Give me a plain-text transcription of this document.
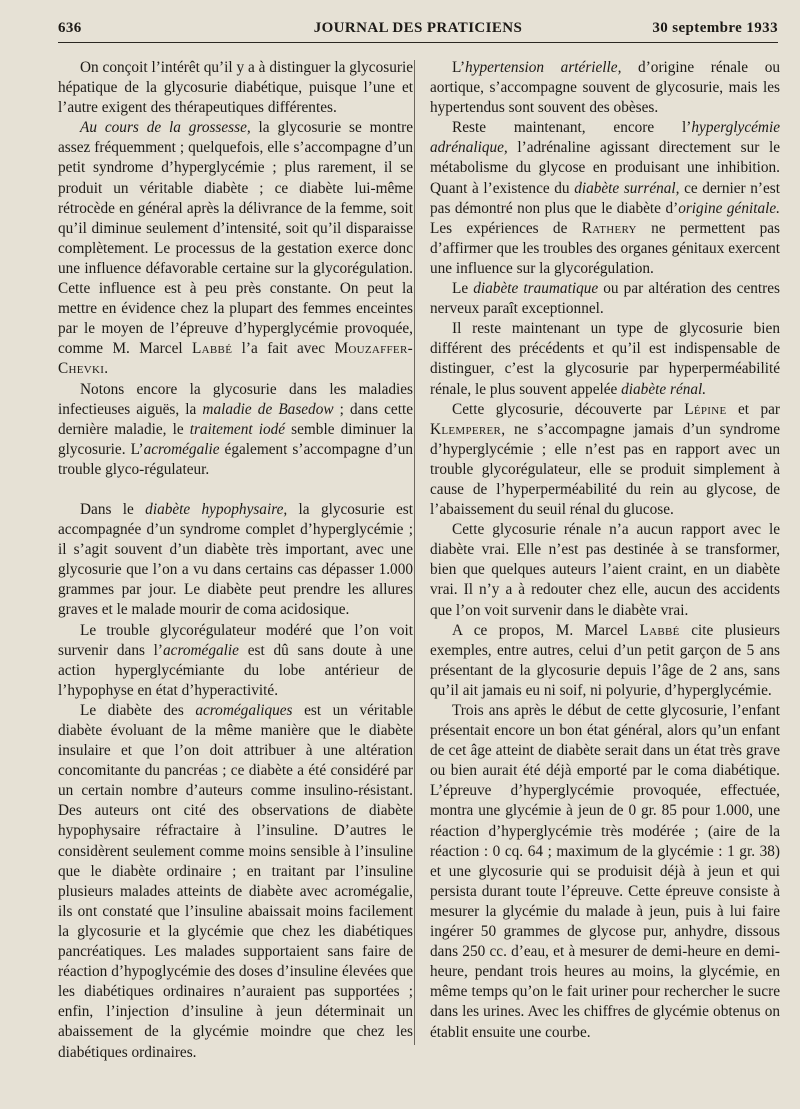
636	JOURNAL DES PRATICIENS	30 septembre 1933

On conçoit l’intérêt qu’il y a à distinguer la glycosurie hépatique de la glycosurie diabétique, puisque l’une et l’autre exigent des thérapeutiques différentes.

Au cours de la grossesse, la glycosurie se montre assez fréquemment ; quelquefois, elle s’accompagne d’un petit syndrome d’hyperglycémie ; plus rarement, il se produit un véritable diabète ; ce diabète lui-même rétrocède en général après la délivrance de la femme, soit qu’il diminue seulement d’intensité, soit qu’il disparaisse complètement. Le processus de la gestation exerce donc une influence défavorable certaine sur la glycorégulation. Cette influence est à peu près constante. On peut la mettre en évidence chez la plupart des femmes enceintes par le moyen de l’épreuve d’hyperglycémie provoquée, comme M. Marcel Labbé l’a fait avec Mouzaffer-Chevki.

Notons encore la glycosurie dans les maladies infectieuses aiguës, la maladie de Basedow ; dans cette dernière maladie, le traitement iodé semble diminuer la glycosurie. L’acromégalie également s’accompagne d’un trouble glyco-régulateur.

Dans le diabète hypophysaire, la glycosurie est accompagnée d’un syndrome complet d’hyperglycémie ; il s’agit souvent d’un diabète très important, avec une glycosurie que l’on a vu dans certains cas dépasser 1.000 grammes par jour. Le diabète peut prendre les allures graves et le malade mourir de coma acidosique.

Le trouble glycorégulateur modéré que l’on voit survenir dans l’acromégalie est dû sans doute à une action hyperglycémiante du lobe antérieur de l’hypophyse en état d’hyperactivité.

Le diabète des acromégaliques est un véritable diabète évoluant de la même manière que le diabète insulaire et que l’on doit attribuer à une altération concomitante du pancréas ; ce diabète a été considéré par un certain nombre d’auteurs comme insulino-résistant. Des auteurs ont cité des observations de diabète hypophysaire réfractaire à l’insuline. D’autres le considèrent seulement comme moins sensible à l’insuline que le diabète ordinaire ; en traitant par l’insuline plusieurs malades atteints de diabète avec acromégalie, ils ont constaté que l’insuline abaissait moins facilement la glycosurie et la glycémie que chez les diabétiques pancréatiques. Les malades supportaient sans faire de réaction d’hypoglycémie des doses d’insuline élevées que les diabétiques ordinaires n’auraient pas supportées ; enfin, l’injection d’insuline à jeun déterminait un abaissement de la glycémie moindre que chez les diabétiques ordinaires.

L’hypertension artérielle, d’origine rénale ou aortique, s’accompagne souvent de glycosurie, mais les hypertendus sont souvent des obèses.

Reste maintenant, encore l’hyperglycémie adrénalique, l’adrénaline agissant directement sur le métabolisme du glycose en produisant une inhibition. Quant à l’existence du diabète surrénal, ce dernier n’est pas démontré non plus que le diabète d’origine génitale. Les expériences de Rathery ne permettent pas d’affirmer que les troubles des organes génitaux exercent une influence sur la glycorégulation.

Le diabète traumatique ou par altération des centres nerveux paraît exceptionnel.

Il reste maintenant un type de glycosurie bien différent des précédents et qu’il est indispensable de distinguer, c’est la glycosurie par hyperperméabilité rénale, le plus souvent appelée diabète rénal.

Cette glycosurie, découverte par Lépine et par Klemperer, ne s’accompagne jamais d’un syndrome d’hyperglycémie ; elle n’est pas en rapport avec un trouble glycorégulateur, elle se produit simplement à cause de l’hyperperméabilité du rein au glycose, de l’abaissement du seuil rénal du glucose.

Cette glycosurie rénale n’a aucun rapport avec le diabète vrai. Elle n’est pas destinée à se transformer, bien que quelques auteurs l’aient craint, en un diabète vrai. Il n’y a à redouter chez elle, aucun des accidents que l’on voit survenir dans le diabète vrai.

A ce propos, M. Marcel Labbé cite plusieurs exemples, entre autres, celui d’un petit garçon de 5 ans présentant de la glycosurie depuis l’âge de 2 ans, sans qu’il ait jamais eu ni soif, ni polyurie, d’hyperglycémie.

Trois ans après le début de cette glycosurie, l’enfant présentait encore un bon état général, alors qu’un enfant de cet âge atteint de diabète serait dans un état très grave ou bien aurait été déjà emporté par le coma diabétique. L’épreuve d’hyperglycémie provoquée, effectuée, montra une glycémie à jeun de 0 gr. 85 pour 1.000, une réaction d’hyperglycémie très modérée ; (aire de la réaction : 0 cq. 64 ; maximum de la glycémie : 1 gr. 38) et une glycosurie qui se produisit déjà à jeun et qui persista durant toute l’épreuve. Cette épreuve consiste à mesurer la glycémie du malade à jeun, puis à lui faire ingérer 50 grammes de glycose pur, anhydre, dissous dans 250 cc. d’eau, et à mesurer de demi-heure en demi-heure, pendant trois heures au moins, la glycémie, en même temps qu’on le fait uriner pour rechercher le sucre dans les urines. Avec les chiffres de glycémie obtenus on établit ensuite une courbe.
